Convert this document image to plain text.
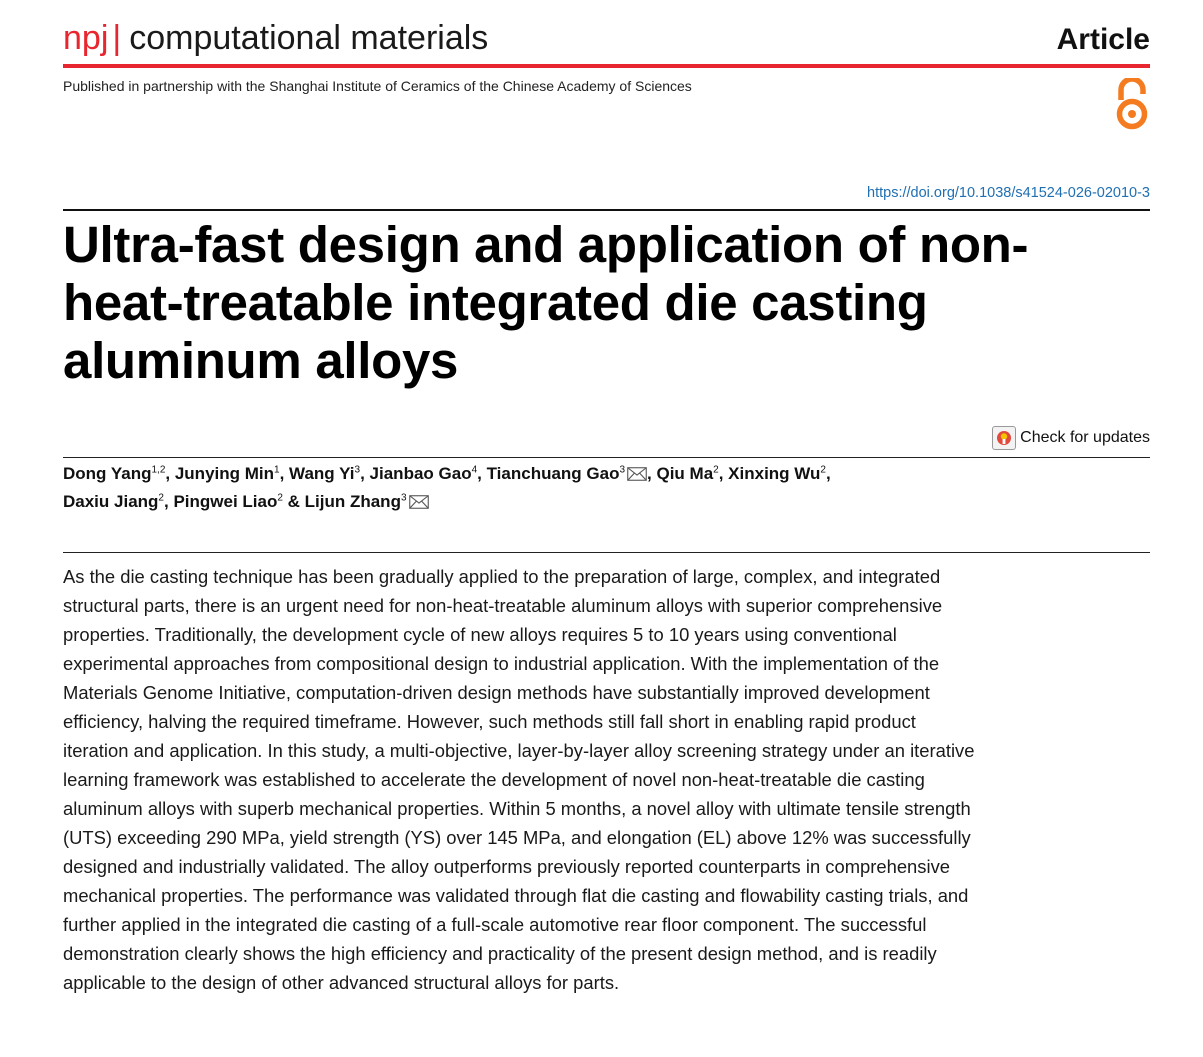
npj | computational materials	Article
Published in partnership with the Shanghai Institute of Ceramics of the Chinese Academy of Sciences
https://doi.org/10.1038/s41524-026-02010-3
Ultra-fast design and application of non-heat-treatable integrated die casting aluminum alloys
Check for updates

Dong Yang$^{1,2}$, Junying Min$^1$, Wang Yi$^3$, Jianbao Gao$^4$, Tianchuang Gao$^3$ , Qiu Ma$^2$, Xinxing Wu$^2$,
Daxiu Jiang$^2$, Pingwei Liao$^2$ & Lijun Zhang$^3$

As the die casting technique has been gradually applied to the preparation of large, complex, and integrated structural parts, there is an urgent need for non-heat-treatable aluminum alloys with superior comprehensive properties. Traditionally, the development cycle of new alloys requires 5 to 10 years using conventional experimental approaches from compositional design to industrial application. With the implementation of the Materials Genome Initiative, computation-driven design methods have substantially improved development efficiency, halving the required timeframe. However, such methods still fall short in enabling rapid product iteration and application. In this study, a multi-objective, layer-by-layer alloy screening strategy under an iterative learning framework was established to accelerate the development of novel non-heat-treatable die casting aluminum alloys with superb mechanical properties. Within 5 months, a novel alloy with ultimate tensile strength (UTS) exceeding 290 MPa, yield strength (YS) over 145 MPa, and elongation (EL) above 12% was successfully designed and industrially validated. The alloy outperforms previously reported counterparts in comprehensive mechanical properties. The performance was validated through flat die casting and flowability casting trials, and further applied in the integrated die casting of a full-scale automotive rear floor component. The successful demonstration clearly shows the high efficiency and practicality of the present design method, and is readily applicable to the design of other advanced structural alloys for parts.
